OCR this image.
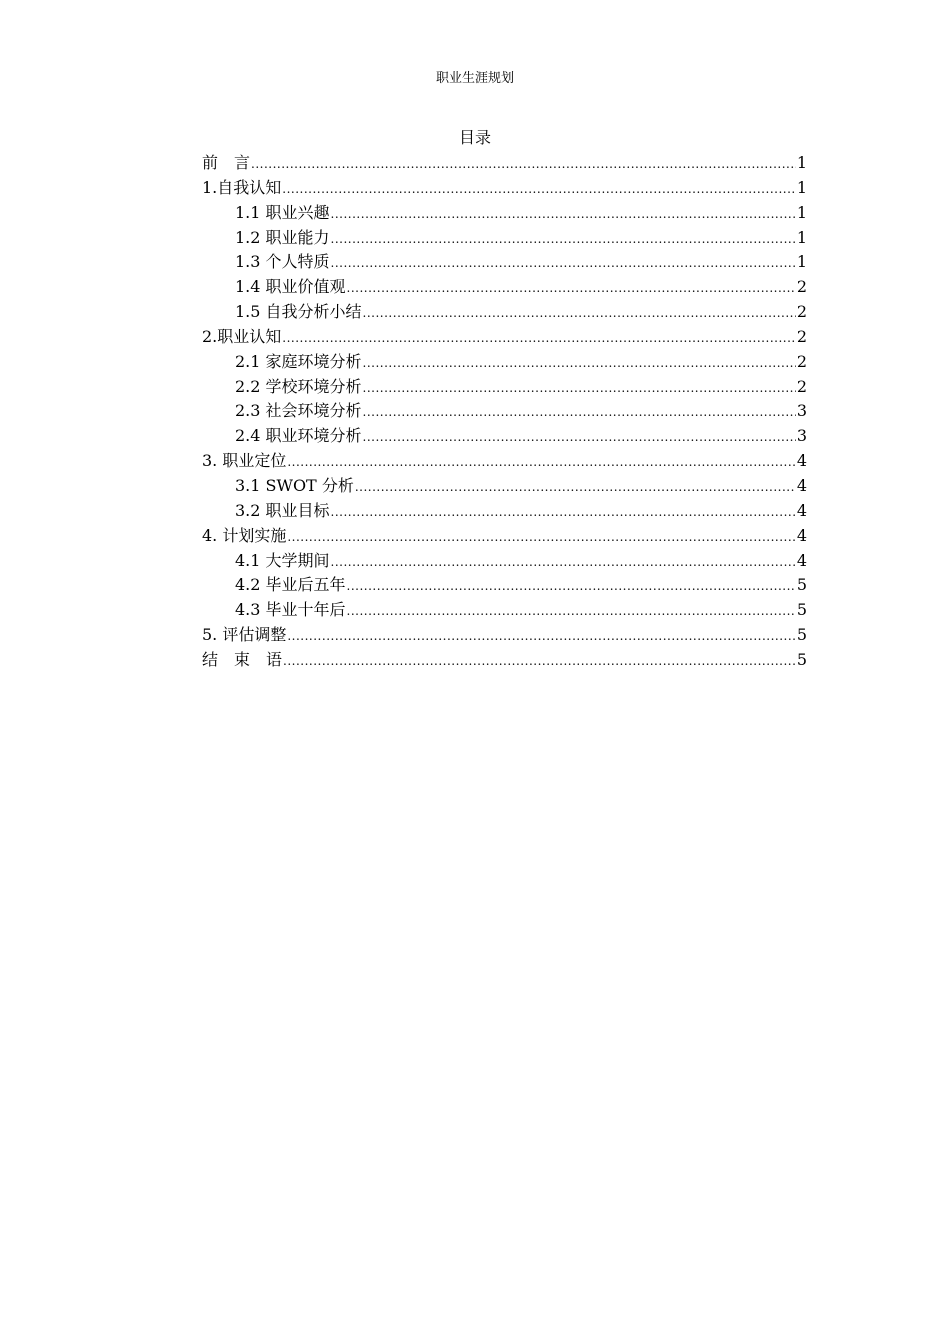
职业生涯规划
目录
前　言 .....	1
1.自我认知 .....	1
1.1 职业兴趣 .....	1
1.2 职业能力 .....	1
1.3 个人特质 .....	1
1.4 职业价值观 .....	2
1.5 自我分析小结 .....	2
2.职业认知 .....	2
2.1 家庭环境分析 .....	2
2.2 学校环境分析 .....	2
2.3 社会环境分析 .....	3
2.4 职业环境分析 .....	3
3. 职业定位 .....	4
3.1 SWOT 分析 .....	4
3.2 职业目标 .....	4
4. 计划实施 .....	4
4.1 大学期间 .....	4
4.2 毕业后五年 .....	5
4.3 毕业十年后 .....	5
5. 评估调整 .....	5
结　束　语 .....	5
